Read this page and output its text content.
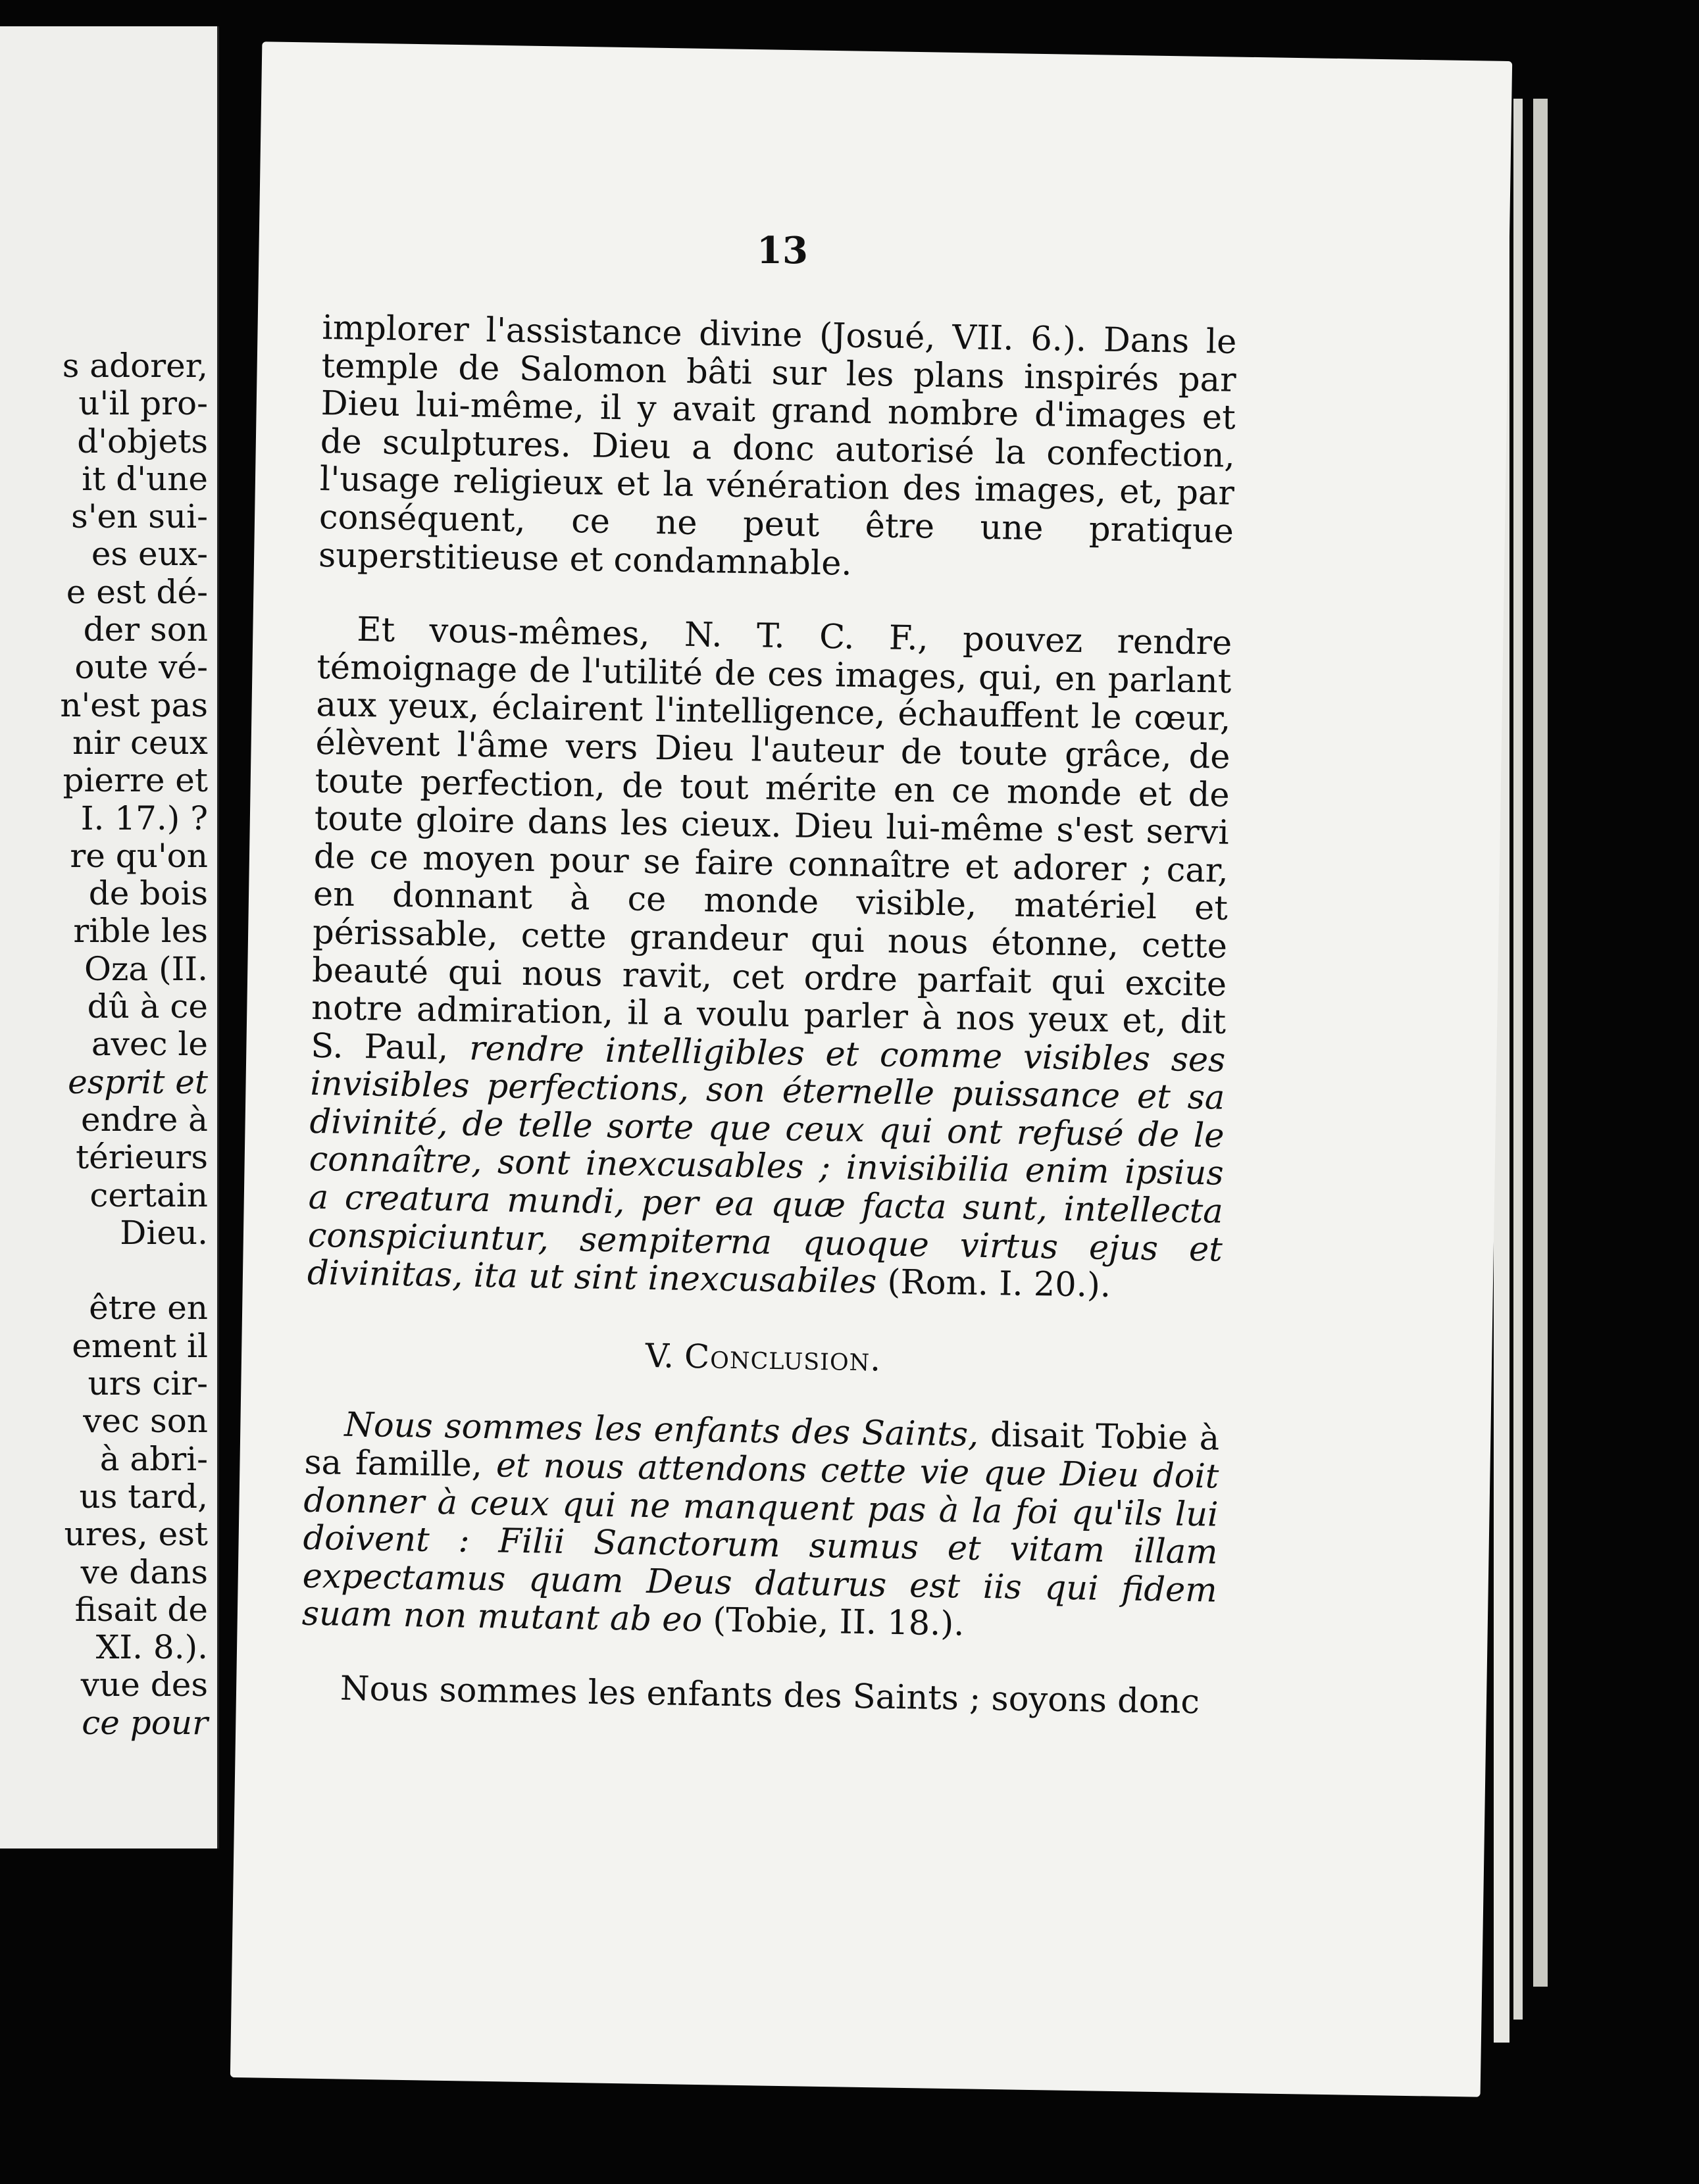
s adorer,
u'il pro-
d'objets
it d'une
s'en sui-
es eux-
e est dé-
der son
oute vé-
n'est pas
nir ceux
pierre et
I. 17.) ?
re qu'on
de bois
rible les
Oza (II.
dû à ce
avec le
esprit et
endre à
térieurs
certain
Dieu.
être en
ement il
urs cir-
vec son
à abri-
us tard,
ures, est
ve dans
fisait de
XI. 8.).
vue des
ce pour
13

implorer l'assistance divine (Josué, VII. 6.). Dans le temple de Salomon bâti sur les plans inspirés par Dieu lui-même, il y avait grand nombre d'images et de sculptures. Dieu a donc autorisé la confection, l'usage religieux et la vénération des images, et, par conséquent, ce ne peut être une pratique superstitieuse et condamnable.

Et vous-mêmes, N. T. C. F., pouvez rendre témoignage de l'utilité de ces images, qui, en parlant aux yeux, éclairent l'intelligence, échauffent le cœur, élèvent l'âme vers Dieu l'auteur de toute grâce, de toute perfection, de tout mérite en ce monde et de toute gloire dans les cieux. Dieu lui-même s'est servi de ce moyen pour se faire connaître et adorer ; car, en donnant à ce monde visible, matériel et périssable, cette grandeur qui nous étonne, cette beauté qui nous ravit, cet ordre parfait qui excite notre admiration, il a voulu parler à nos yeux et, dit S. Paul, rendre intelligibles et comme visibles ses invisibles perfections, son éternelle puissance et sa divinité, de telle sorte que ceux qui ont refusé de le connaître, sont inexcusables ; invisibilia enim ipsius a creatura mundi, per ea quæ facta sunt, intellecta conspiciuntur, sempiterna quoque virtus ejus et divinitas, ita ut sint inexcusabiles (Rom. I. 20.).

V. Conclusion.

Nous sommes les enfants des Saints, disait Tobie à sa famille, et nous attendons cette vie que Dieu doit donner à ceux qui ne manquent pas à la foi qu'ils lui doivent : Filii Sanctorum sumus et vitam illam expectamus quam Deus daturus est iis qui fidem suam non mutant ab eo (Tobie, II. 18.).

Nous sommes les enfants des Saints ; soyons donc
